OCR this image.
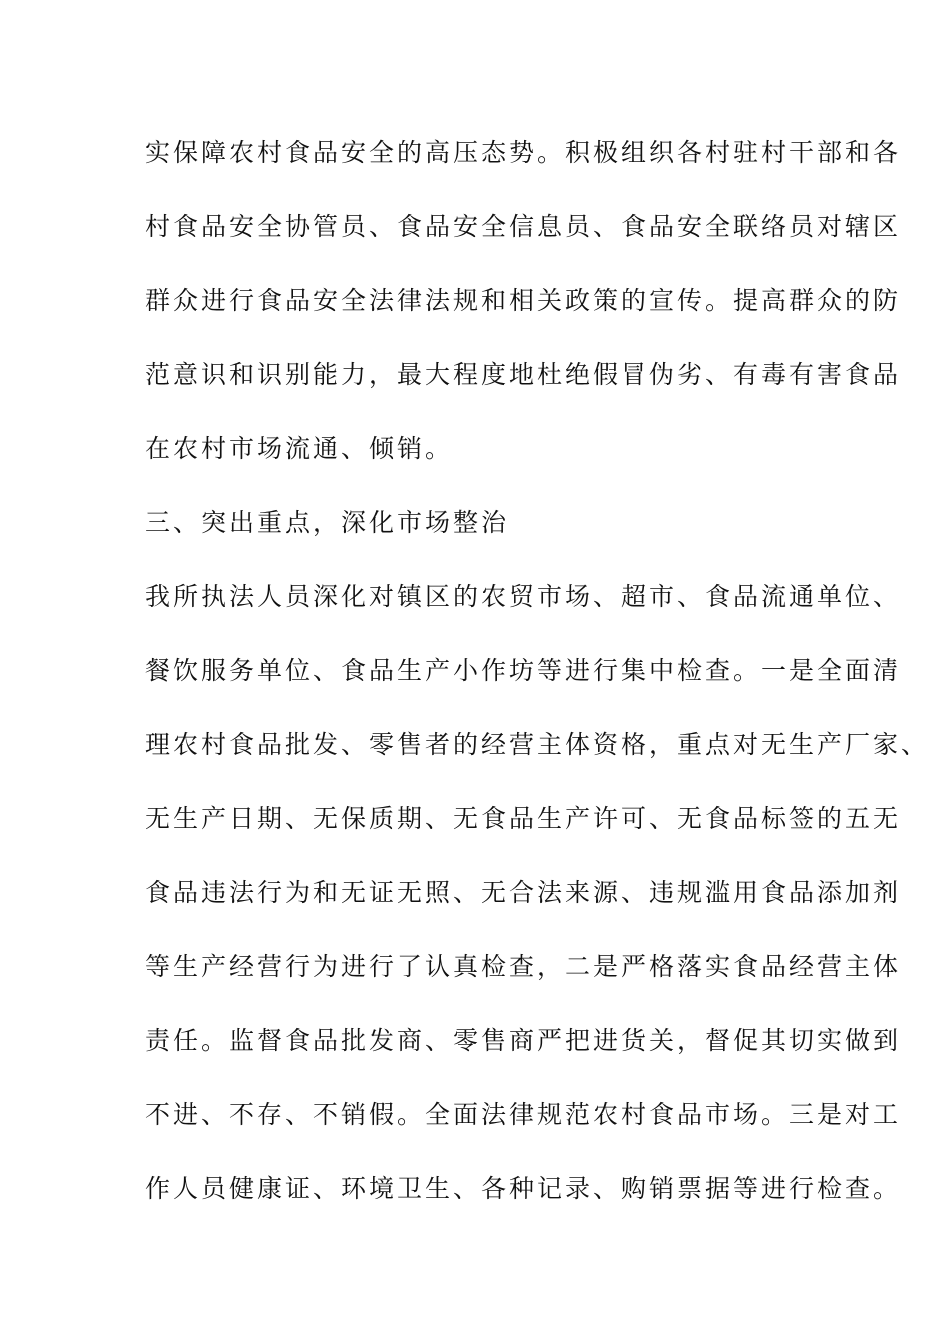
实保障农村食品安全的高压态势。积极组织各村驻村干部和各
村食品安全协管员、食品安全信息员、食品安全联络员对辖区
群众进行食品安全法律法规和相关政策的宣传。提高群众的防
范意识和识别能力，最大程度地杜绝假冒伪劣、有毒有害食品
在农村市场流通、倾销。
三、突出重点，深化市场整治
我所执法人员深化对镇区的农贸市场、超市、食品流通单位、
餐饮服务单位、食品生产小作坊等进行集中检查。一是全面清
理农村食品批发、零售者的经营主体资格，重点对无生产厂家、
无生产日期、无保质期、无食品生产许可、无食品标签的五无
食品违法行为和无证无照、无合法来源、违规滥用食品添加剂
等生产经营行为进行了认真检查，二是严格落实食品经营主体
责任。监督食品批发商、零售商严把进货关，督促其切实做到
不进、不存、不销假。全面法律规范农村食品市场。三是对工
作人员健康证、环境卫生、各种记录、购销票据等进行检查。
